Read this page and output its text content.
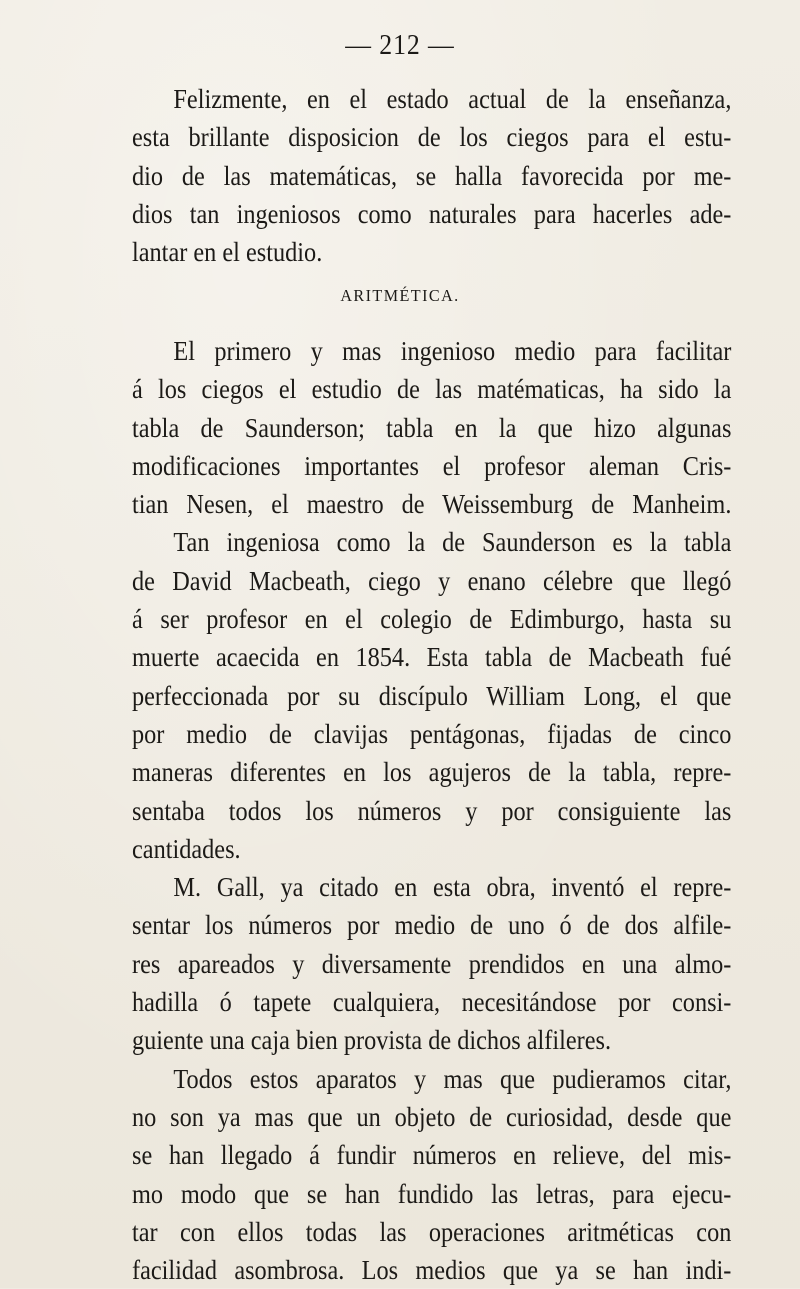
— 212 —
Felizmente, en el estado actual de la enseñanza,
esta brillante disposicion de los ciegos para el estu-
dio de las matemáticas, se halla favorecida por me-
dios tan ingeniosos como naturales para hacerles ade-
lantar en el estudio.
ARITMÉTICA.
El primero y mas ingenioso medio para facilitar
á los ciegos el estudio de las matématicas, ha sido la
tabla de Saunderson; tabla en la que hizo algunas
modificaciones importantes el profesor aleman Cris-
tian Nesen, el maestro de Weissemburg de Manheim.
Tan ingeniosa como la de Saunderson es la tabla
de David Macbeath, ciego y enano célebre que llegó
á ser profesor en el colegio de Edimburgo, hasta su
muerte acaecida en 1854. Esta tabla de Macbeath fué
perfeccionada por su discípulo William Long, el que
por medio de clavijas pentágonas, fijadas de cinco
maneras diferentes en los agujeros de la tabla, repre-
sentaba todos los números y por consiguiente las
cantidades.
M. Gall, ya citado en esta obra, inventó el repre-
sentar los números por medio de uno ó de dos alfile-
res apareados y diversamente prendidos en una almo-
hadilla ó tapete cualquiera, necesitándose por consi-
guiente una caja bien provista de dichos alfileres.
Todos estos aparatos y mas que pudieramos citar,
no son ya mas que un objeto de curiosidad, desde que
se han llegado á fundir números en relieve, del mis-
mo modo que se han fundido las letras, para ejecu-
tar con ellos todas las operaciones aritméticas con
facilidad asombrosa. Los medios que ya se han indi-
